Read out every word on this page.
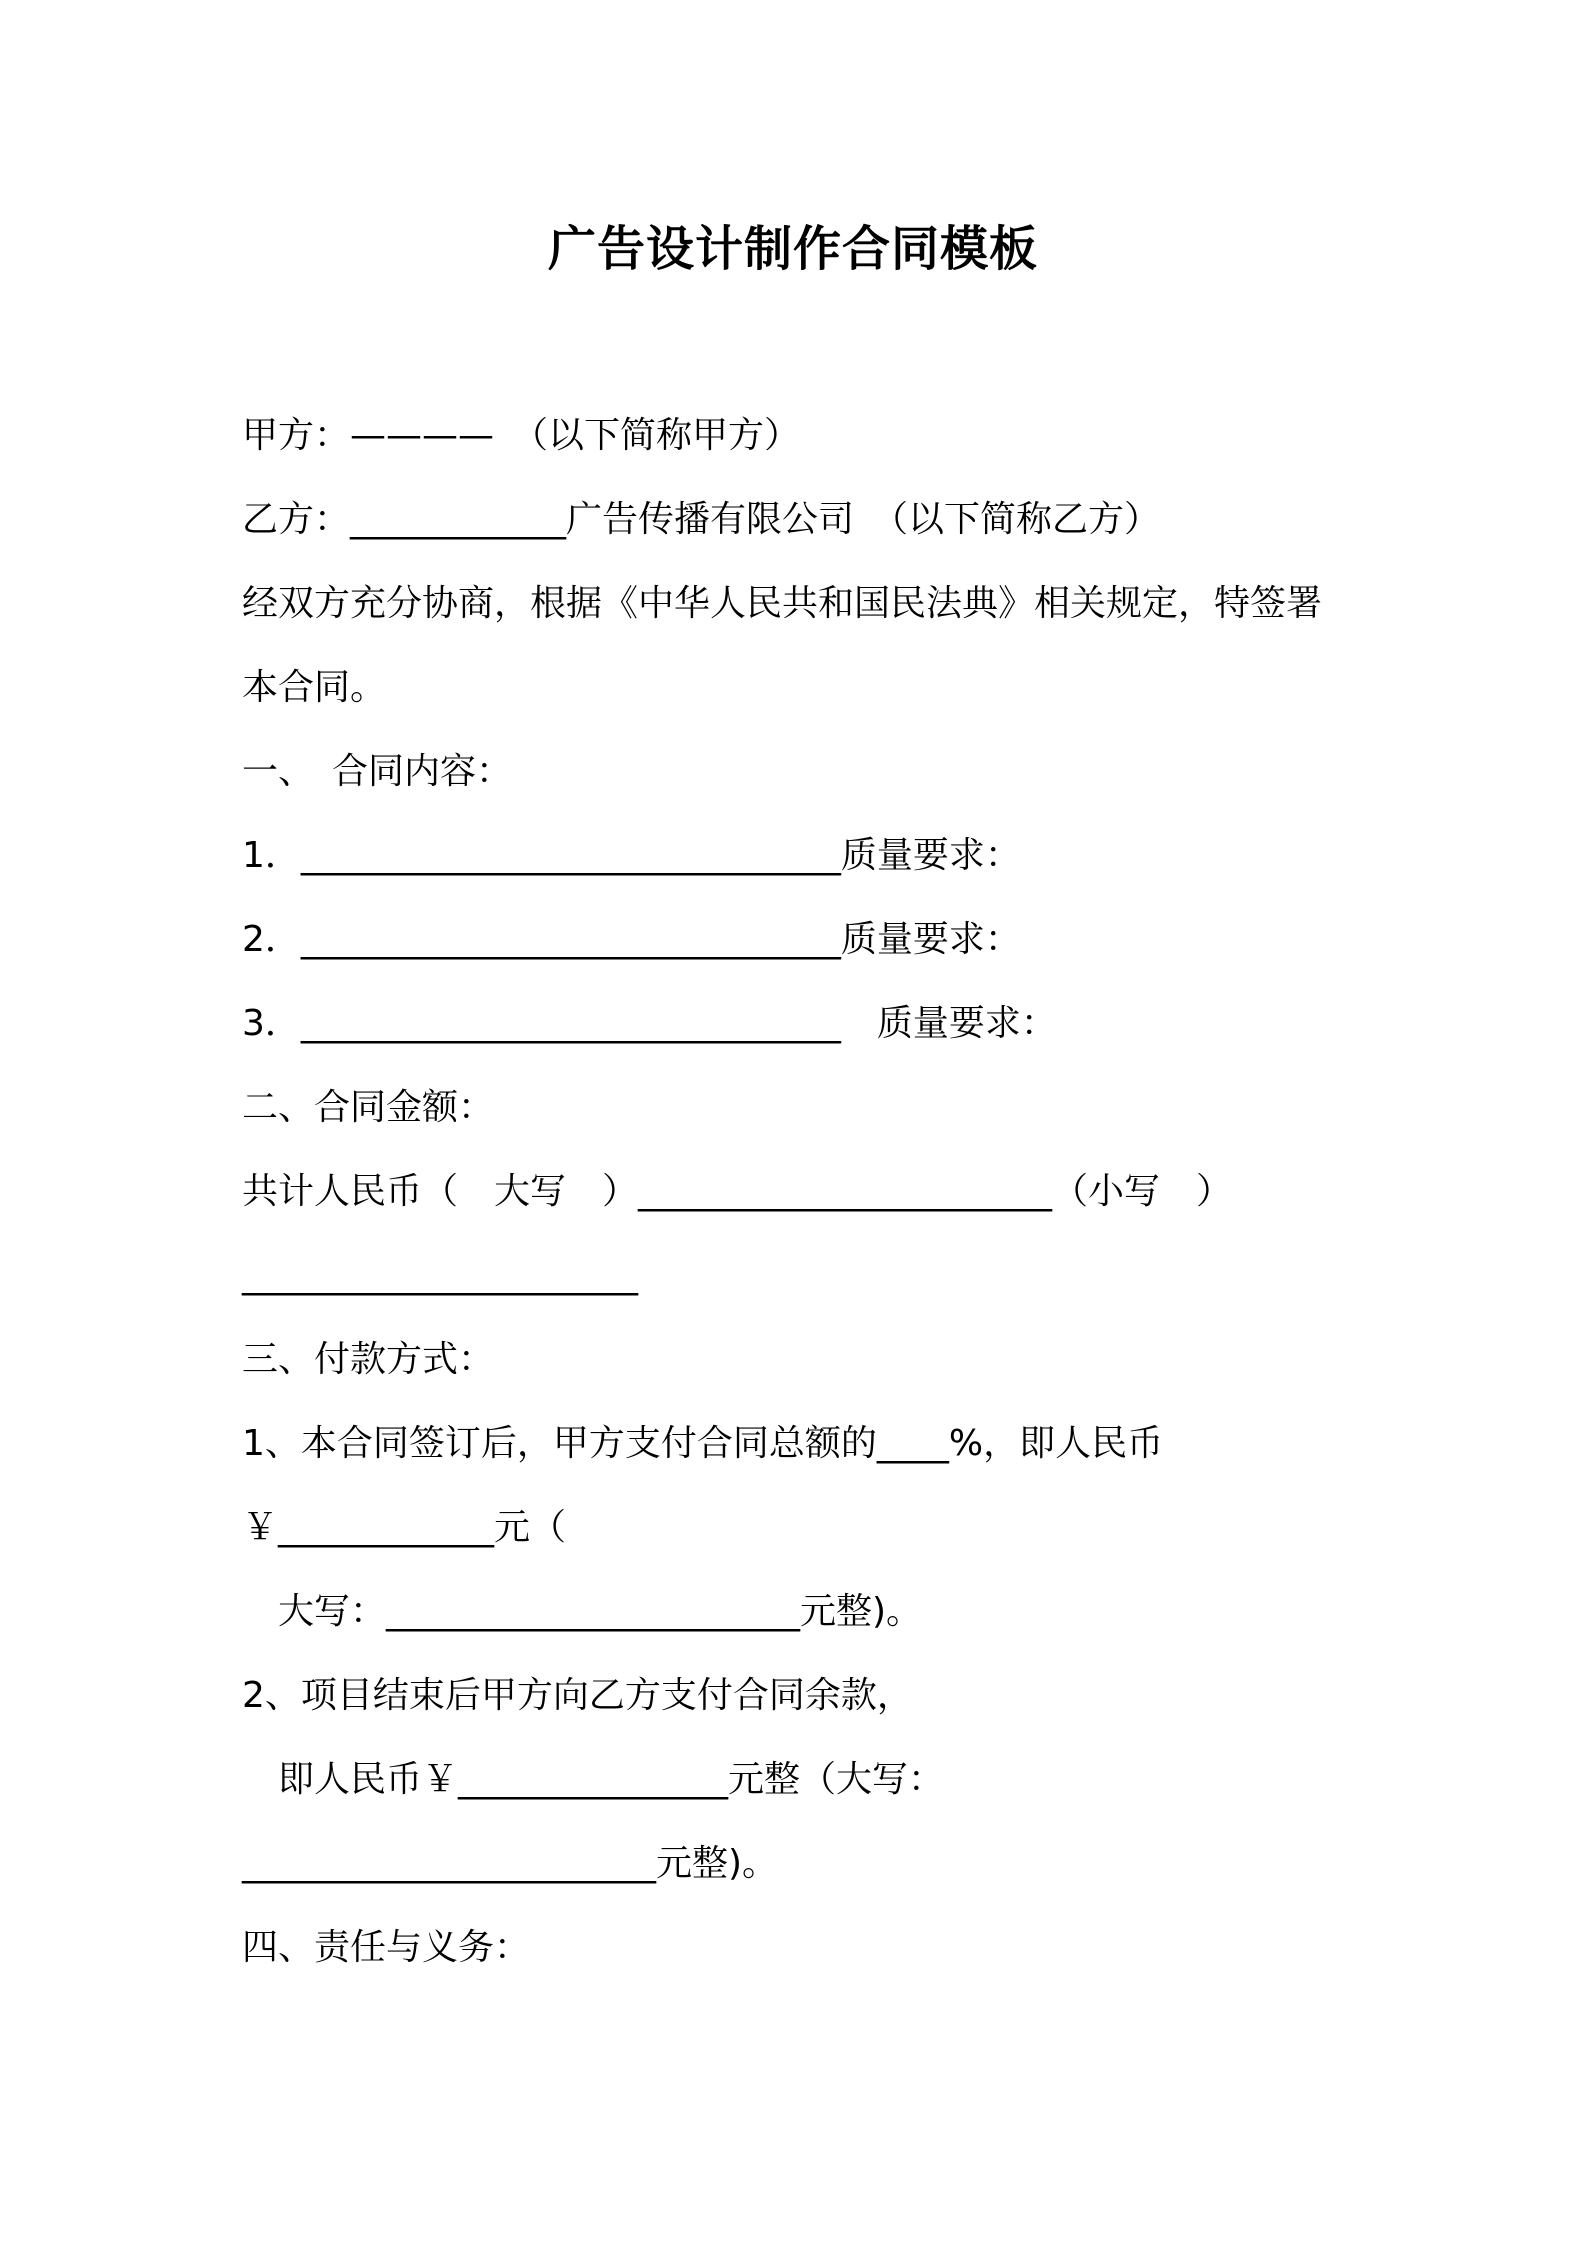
广告设计制作合同模板

甲方：————　（以下简称甲方）

乙方：____________广告传播有限公司　（以下简称乙方）

经双方充分协商，根据《中华人民共和国民法典》相关规定，特签署

本合同。

一、　合同内容：

1．______________________________质量要求：

2．______________________________质量要求：

3．______________________________　质量要求：

二、合同金额：

共计人民币（　大写　）_______________________（小写　）

______________________

三、付款方式：

1、本合同签订后，甲方支付合同总额的____%，即人民币

￥____________元（

　大写：_______________________元整)。

2、项目结束后甲方向乙方支付合同余款，

　即人民币￥_______________元整（大写：

_______________________元整)。

四、责任与义务：
